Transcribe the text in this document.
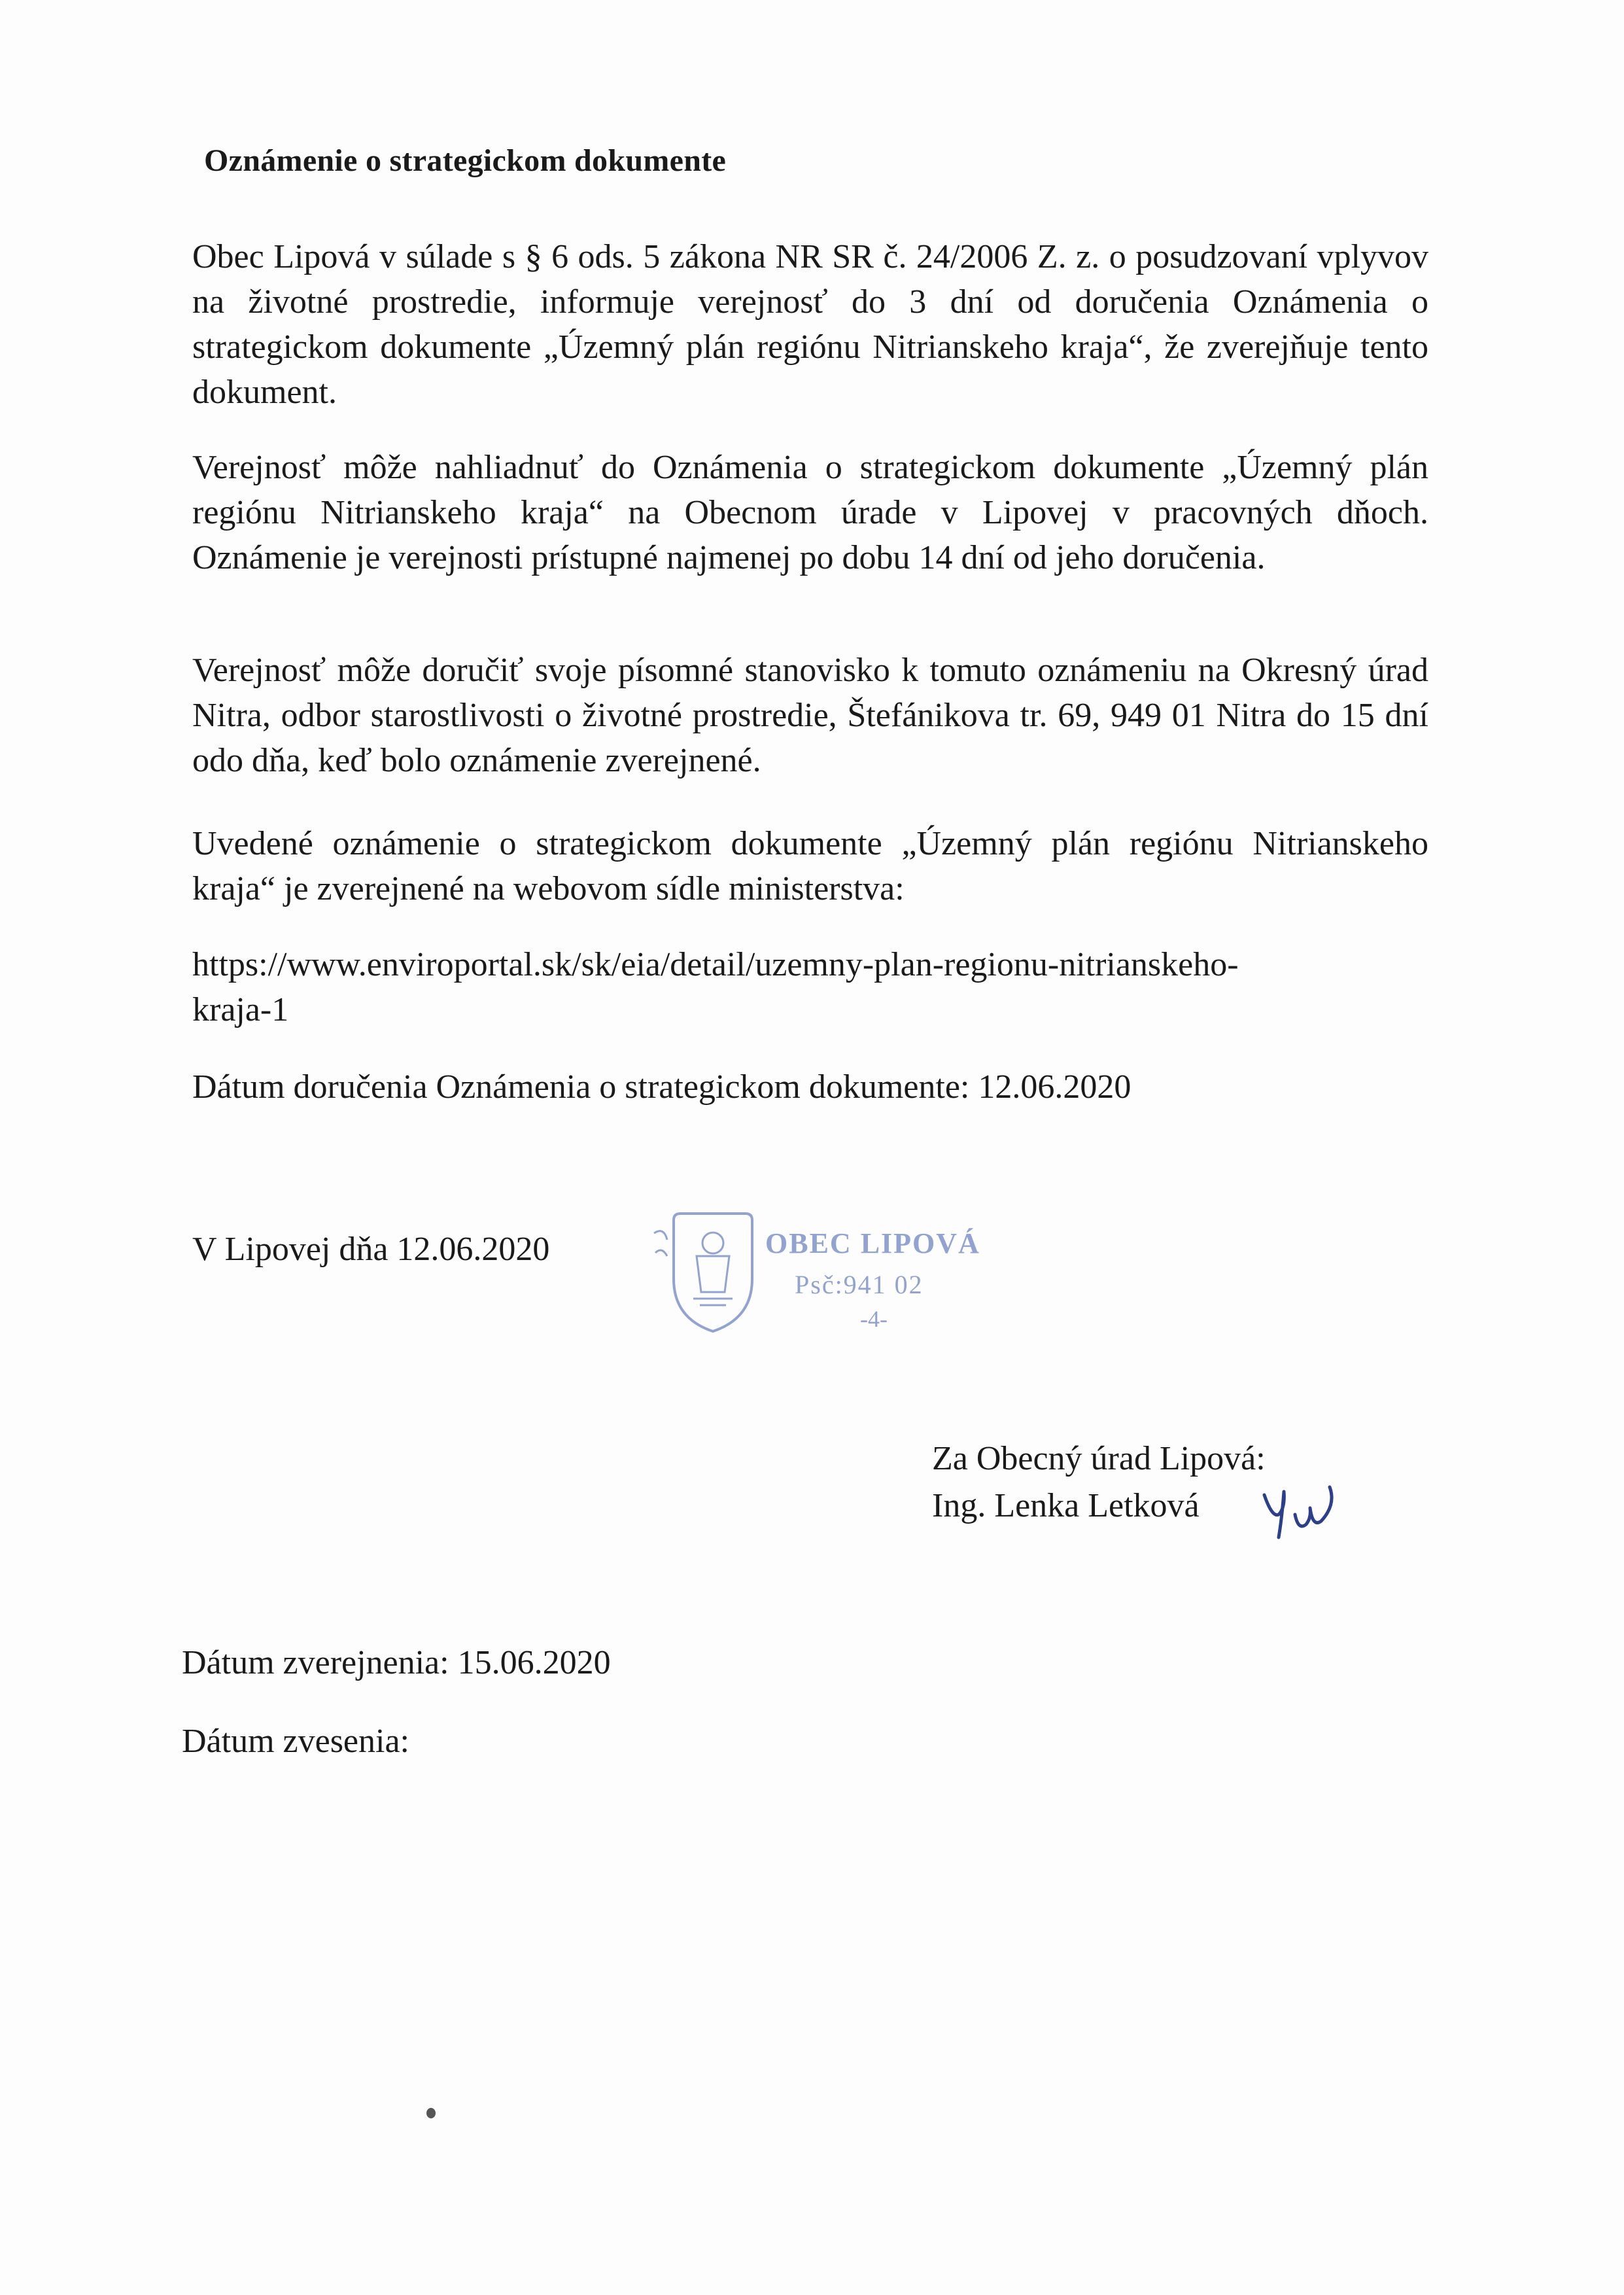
Oznámenie o strategickom dokumente
Obec Lipová v súlade s § 6 ods. 5 zákona NR SR č. 24/2006 Z. z. o posudzovaní vplyvov na životné prostredie, informuje verejnosť do 3 dní od doručenia Oznámenia o strategickom dokumente „Územný plán regiónu Nitrianskeho kraja“, že zverejňuje tento dokument.
Verejnosť môže nahliadnuť do Oznámenia o strategickom dokumente „Územný plán regiónu Nitrianskeho kraja“ na Obecnom úrade v Lipovej v pracovných dňoch. Oznámenie je verejnosti prístupné najmenej po dobu 14 dní od jeho doručenia.
Verejnosť môže doručiť svoje písomné stanovisko k tomuto oznámeniu na Okresný úrad Nitra, odbor starostlivosti o životné prostredie, Štefánikova tr. 69, 949 01 Nitra do 15 dní odo dňa, keď bolo oznámenie zverejnené.
Uvedené oznámenie o strategickom dokumente „Územný plán regiónu Nitrianskeho kraja“ je zverejnené na webovom sídle ministerstva:
https://www.enviroportal.sk/sk/eia/detail/uzemny-plan-regionu-nitrianskeho-
kraja-1
Dátum doručenia Oznámenia o strategickom dokumente: 12.06.2020
V Lipovej dňa 12.06.2020	OBEC LIPOVÁ
Psč:941 02
-4-
Za Obecný úrad Lipová:
Ing. Lenka Letková
Dátum zverejnenia: 15.06.2020
Dátum zvesenia:
